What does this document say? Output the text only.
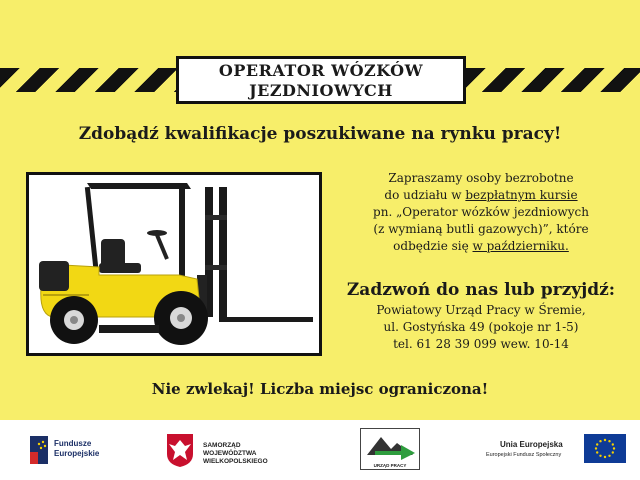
OPERATOR WÓZKÓW
JEZDNIOWYCH
Zdobądź kwalifikacje poszukiwane na rynku pracy!
Zapraszamy osoby bezrobotne
do udziału w bezpłatnym kursie
pn. „Operator wózków jezdniowych
(z wymianą butli gazowych)”, które
odbędzie się w październiku.
Zadzwoń do nas lub przyjdź:
Powiatowy Urząd Pracy w Śremie,
ul. Gostyńska 49 (pokoje nr 1-5)
tel. 61 28 39 099 wew. 10-14
Nie zwlekaj! Liczba miejsc ograniczona!
Fundusze
Europejskie
SAMORZĄD WOJEWÓDZTWA
WIELKOPOLSKIEGO
URZĄD PRACY
Unia Europejska
Europejski Fundusz Społeczny
